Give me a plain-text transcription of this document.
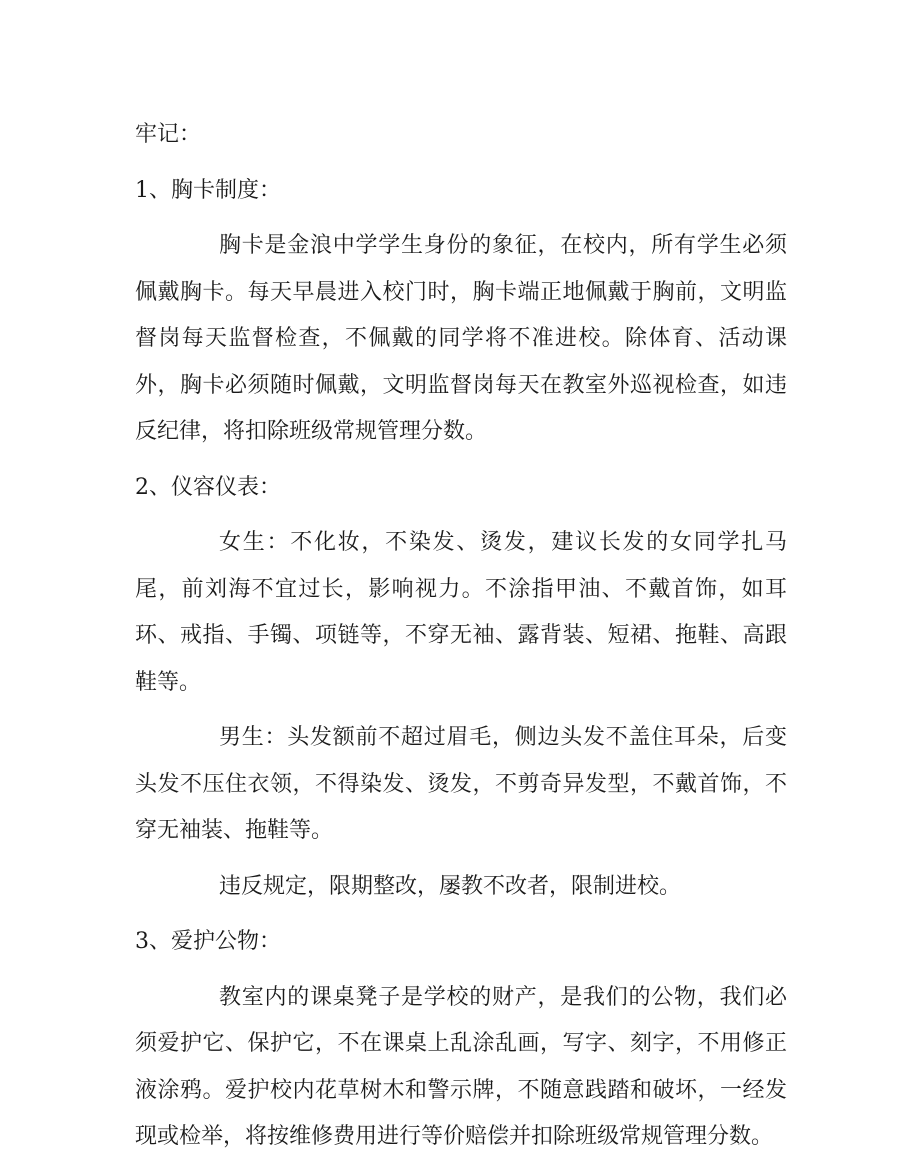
牢记：

1、胸卡制度：

胸卡是金浪中学学生身份的象征，在校内，所有学生必须佩戴胸卡。每天早晨进入校门时，胸卡端正地佩戴于胸前，文明监督岗每天监督检查，不佩戴的同学将不准进校。除体育、活动课外，胸卡必须随时佩戴，文明监督岗每天在教室外巡视检查，如违反纪律，将扣除班级常规管理分数。

2、仪容仪表：

女生：不化妆，不染发、烫发，建议长发的女同学扎马尾，前刘海不宜过长，影响视力。不涂指甲油、不戴首饰，如耳环、戒指、手镯、项链等，不穿无袖、露背装、短裙、拖鞋、高跟鞋等。

男生：头发额前不超过眉毛，侧边头发不盖住耳朵，后变头发不压住衣领，不得染发、烫发，不剪奇异发型，不戴首饰，不穿无袖装、拖鞋等。

违反规定，限期整改，屡教不改者，限制进校。

3、爱护公物：

教室内的课桌凳子是学校的财产，是我们的公物，我们必须爱护它、保护它，不在课桌上乱涂乱画，写字、刻字，不用修正液涂鸦。爱护校内花草树木和警示牌，不随意践踏和破坏，一经发现或检举，将按维修费用进行等价赔偿并扣除班级常规管理分数。
